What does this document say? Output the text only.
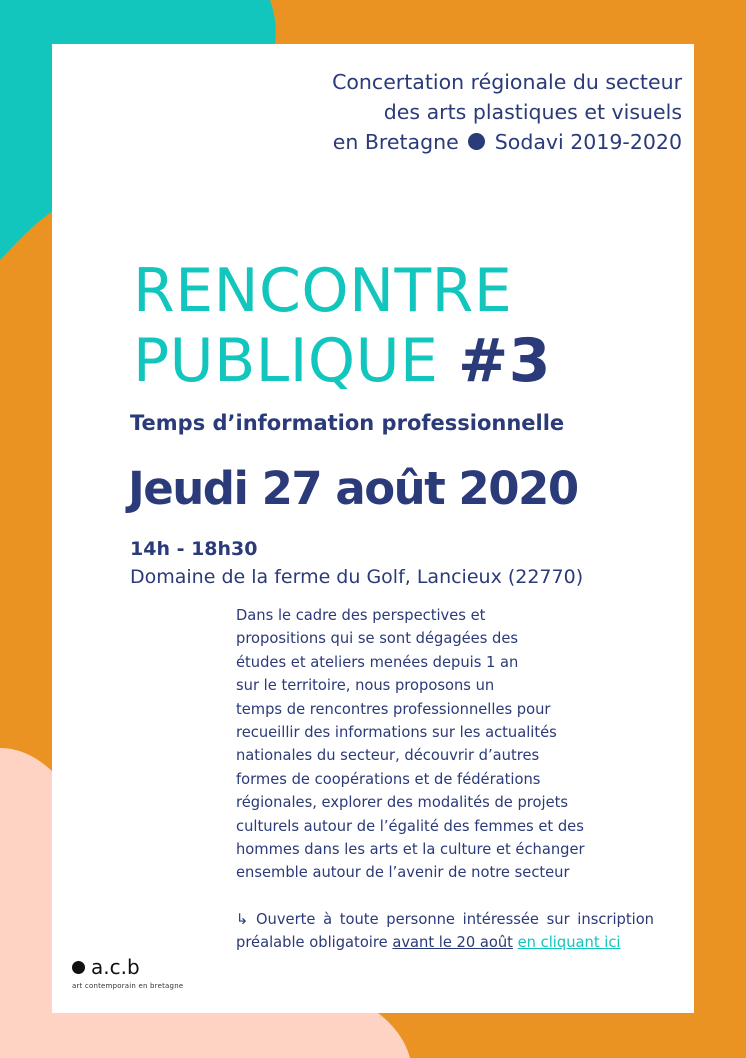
Concertation régionale du secteur
des arts plastiques et visuels
en Bretagne Sodavi 2019-2020
RENCONTRE
PUBLIQUE #3
Temps d’information professionnelle
Jeudi 27 août 2020
14h - 18h30
Domaine de la ferme du Golf, Lancieux (22770)
Dans le cadre des perspectives et
propositions qui se sont dégagées des
études et ateliers menées depuis 1 an
sur le territoire, nous proposons un
temps de rencontres professionnelles pour
recueillir des informations sur les actualités
nationales du secteur, découvrir d’autres
formes de coopérations et de fédérations
régionales, explorer des modalités de projets
culturels autour de l’égalité des femmes et des
hommes dans les arts et la culture et échanger
ensemble autour de l’avenir de notre secteur
↳ Ouverte à toute personne intéressée sur inscription préalable obligatoire avant le 20 août en cliquant ici
a.c.b
art contemporain en bretagne
